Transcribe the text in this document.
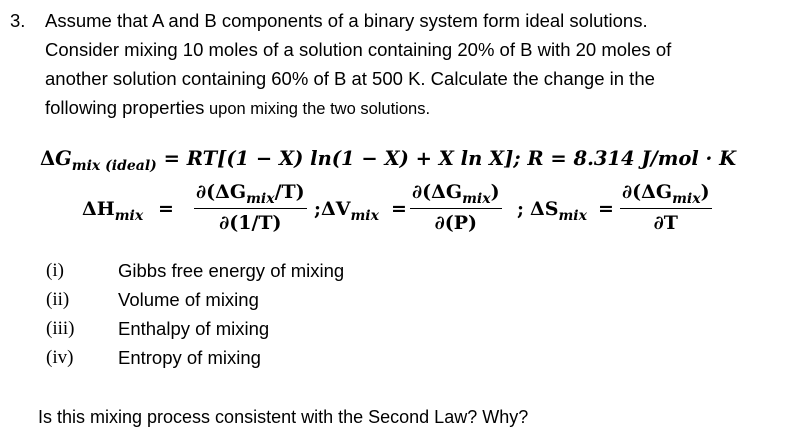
3. Assume that A and B components of a binary system form ideal solutions.
Consider mixing 10 moles of a solution containing 20% of B with 20 moles of
another solution containing 60% of B at 500 K. Calculate the change in the
following properties upon mixing the two solutions.
$\Delta G_{mix (ideal)} = RT[(1 - X) \ln(1 - X) + X$ ln X]; R = 8.314 J/mol · K
$\Delta H_{mix}$ =
$\partial(\Delta G_{mix}/T)$
∂(1/T)
; $\Delta V_{mix}$ =
$\partial(\Delta G_{mix})$
∂(P)
; $\Delta S_{mix}$ =
$\partial(\Delta G_{mix})$
∂T
(i)	Gibbs free energy of mixing
(ii)	Volume of mixing
(iii) Enthalpy of mixing
(iv) Entropy of mixing
Is this mixing process consistent with the Second Law? Why?
